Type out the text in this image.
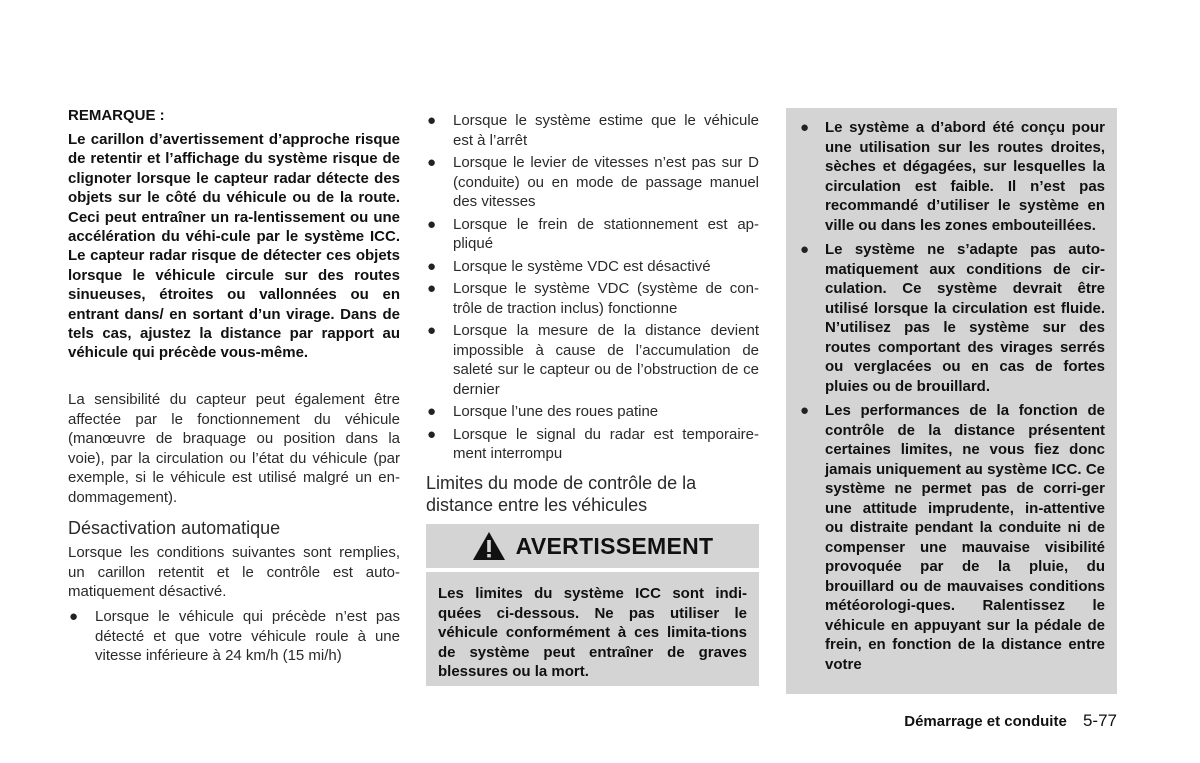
REMARQUE :

Le carillon d’avertissement d’approche risque de retentir et l’affichage du système risque de clignoter lorsque le capteur radar détecte des objets sur le côté du véhicule ou de la route. Ceci peut entraîner un ra-lentissement ou une accélération du véhi-cule par le système ICC. Le capteur radar risque de détecter ces objets lorsque le véhicule circule sur des routes sinueuses, étroites ou vallonnées ou en entrant dans/ en sortant d’un virage. Dans de tels cas, ajustez la distance par rapport au véhicule qui précède vous-même.

La sensibilité du capteur peut également être affectée par le fonctionnement du véhicule (manœuvre de braquage ou position dans la voie), par la circulation ou l’état du véhicule (par exemple, si le véhicule est utilisé malgré un en-dommagement).

Désactivation automatique

Lorsque les conditions suivantes sont remplies, un carillon retentit et le contrôle est auto-matiquement désactivé.

● Lorsque le véhicule qui précède n’est pas détecté et que votre véhicule roule à une vitesse inférieure à 24 km/h (15 mi/h)
● Lorsque le système estime que le véhicule est à l’arrêt
● Lorsque le levier de vitesses n’est pas sur D (conduite) ou en mode de passage manuel des vitesses
● Lorsque le frein de stationnement est ap-pliqué
● Lorsque le système VDC est désactivé
● Lorsque le système VDC (système de con-trôle de traction inclus) fonctionne
● Lorsque la mesure de la distance devient impossible à cause de l’accumulation de saleté sur le capteur ou de l’obstruction de ce dernier
● Lorsque l’une des roues patine
● Lorsque le signal du radar est temporaire-ment interrompu

Limites du mode de contrôle de la distance entre les véhicules

AVERTISSEMENT

Les limites du système ICC sont indi-quées ci-dessous. Ne pas utiliser le véhicule conformément à ces limita-tions de système peut entraîner de graves blessures ou la mort.

● Le système a d’abord été conçu pour une utilisation sur les routes droites, sèches et dégagées, sur lesquelles la circulation est faible. Il n’est pas recommandé d’utiliser le système en ville ou dans les zones embouteillées.
● Le système ne s’adapte pas auto-matiquement aux conditions de cir-culation. Ce système devrait être utilisé lorsque la circulation est fluide. N’utilisez pas le système sur des routes comportant des virages serrés ou verglacées ou en cas de fortes pluies ou de brouillard.
● Les performances de la fonction de contrôle de la distance présentent certaines limites, ne vous fiez donc jamais uniquement au système ICC. Ce système ne permet pas de corri-ger une attitude imprudente, in-attentive ou distraite pendant la conduite ni de compenser une mauvaise visibilité provoquée par de la pluie, du brouillard ou de mauvaises conditions météorologi-ques. Ralentissez le véhicule en appuyant sur la pédale de frein, en fonction de la distance entre votre
Démarrage et conduite 5-77
